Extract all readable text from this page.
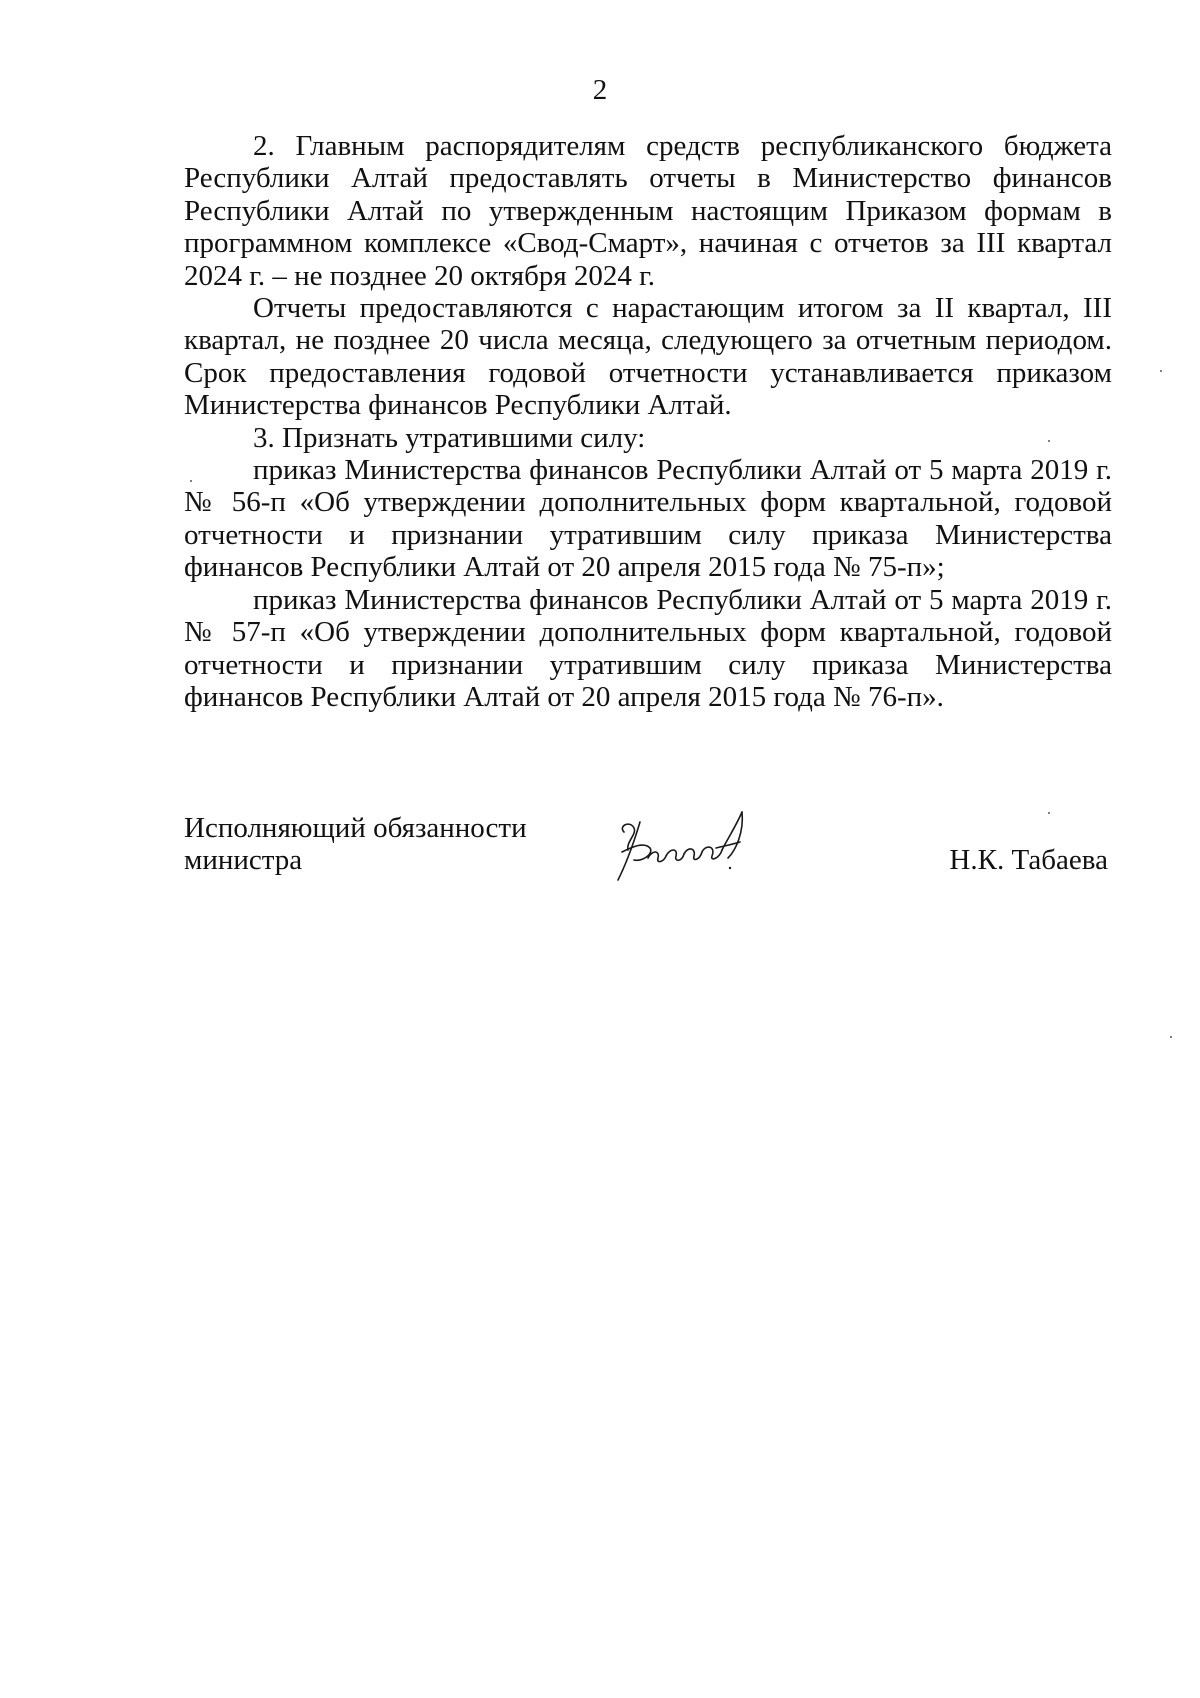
2

2. Главным распорядителям средств республиканского бюджета Республики Алтай предоставлять отчеты в Министерство финансов Республики Алтай по утвержденным настоящим Приказом формам в программном комплексе «Свод-Смарт», начиная с отчетов за III квартал 2024 г. – не позднее 20 октября 2024 г.

Отчеты предоставляются с нарастающим итогом за II квартал, III квартал, не позднее 20 числа месяца, следующего за отчетным периодом. Срок предоставления годовой отчетности устанавливается приказом Министерства финансов Республики Алтай.

3. Признать утратившими силу:

приказ Министерства финансов Республики Алтай от 5 марта 2019 г. № 56-п «Об утверждении дополнительных форм квартальной, годовой отчетности и признании утратившим силу приказа Министерства финансов Республики Алтай от 20 апреля 2015 года № 75-п»;

приказ Министерства финансов Республики Алтай от 5 марта 2019 г. № 57-п «Об утверждении дополнительных форм квартальной, годовой отчетности и признании утратившим силу приказа Министерства финансов Республики Алтай от 20 апреля 2015 года № 76-п».

Исполняющий обязанности
министра	Н.К. Табаева
